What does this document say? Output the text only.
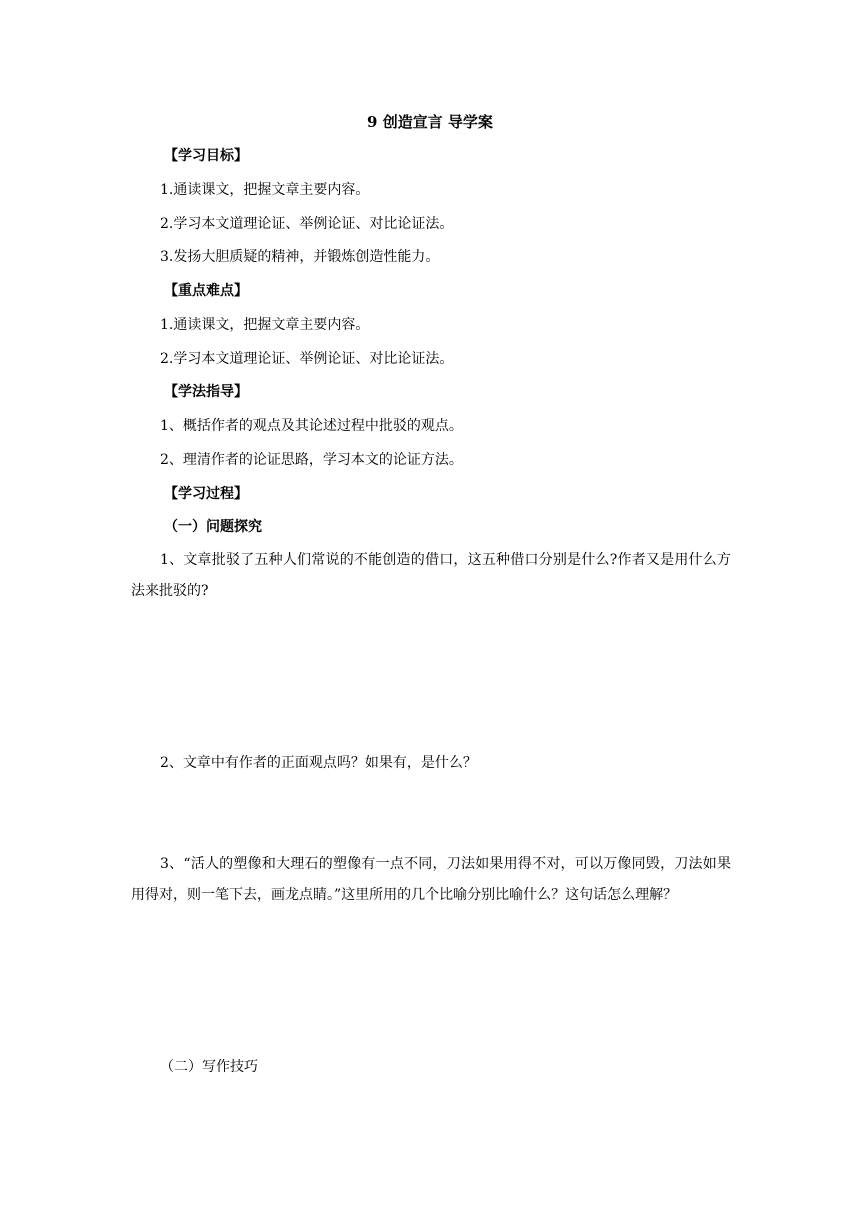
9 创造宣言 导学案
【学习目标】
1.通读课文，把握文章主要内容。
2.学习本文道理论证、举例论证、对比论证法。
3.发扬大胆质疑的精神，并锻炼创造性能力。
【重点难点】
1.通读课文，把握文章主要内容。
2.学习本文道理论证、举例论证、对比论证法。
【学法指导】
1、概括作者的观点及其论述过程中批驳的观点。
2、理清作者的论证思路，学习本文的论证方法。
【学习过程】
（一）问题探究
1、文章批驳了五种人们常说的不能创造的借口，这五种借口分别是什么?作者又是用什么方法来批驳的?
2、文章中有作者的正面观点吗？如果有，是什么？
3、“活人的塑像和大理石的塑像有一点不同，刀法如果用得不对，可以万像同毁，刀法如果用得对，则一笔下去，画龙点睛。”这里所用的几个比喻分别比喻什么？这句话怎么理解？
（二）写作技巧
